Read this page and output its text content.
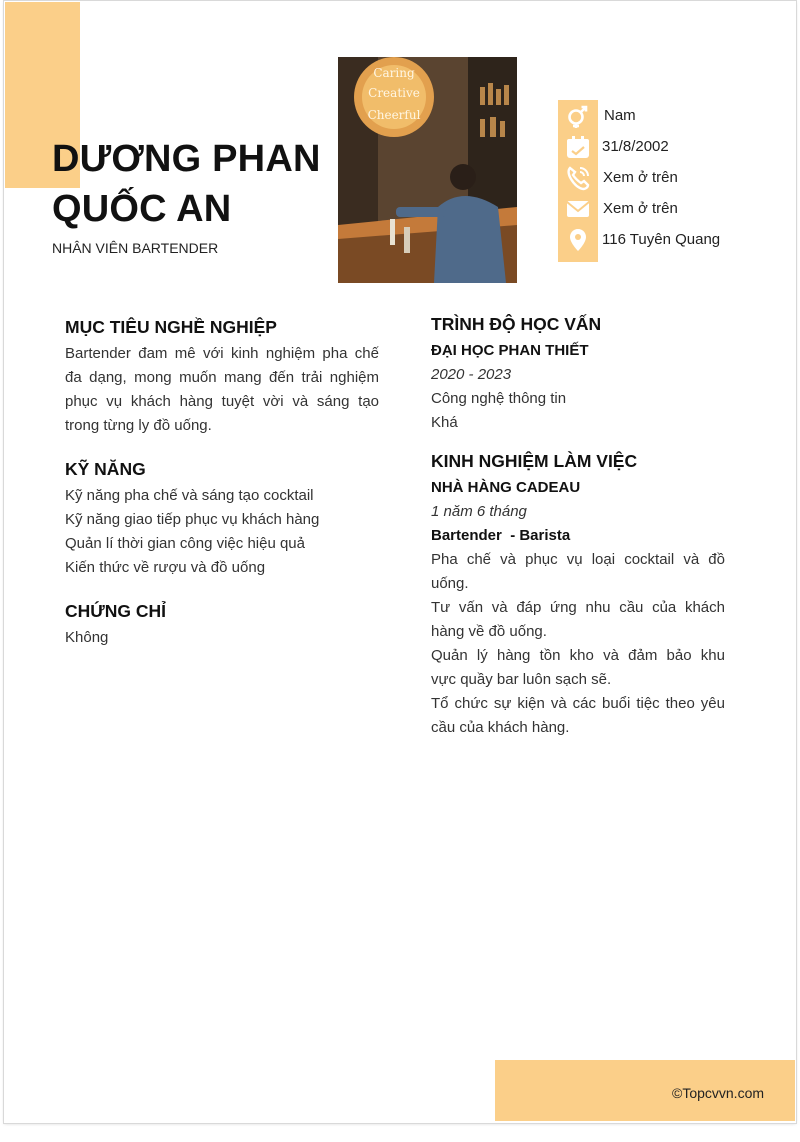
DƯƠNG PHAN
QUỐC AN
NHÂN VIÊN BARTENDER
Caring
Creative
Cheerful	Nam
31/8/2002
Xem ở trên
Xem ở trên
116 Tuyên Quang
MỤC TIÊU NGHỀ NGHIỆP
Bartender đam mê với kinh nghiệm pha chế
đa dạng, mong muốn mang đến trải nghiệm
phục vụ khách hàng tuyệt vời và sáng tạo
trong từng ly đồ uống.
KỸ NĂNG
Kỹ năng pha chế và sáng tạo cocktail
Kỹ năng giao tiếp phục vụ khách hàng
Quản lí thời gian công việc hiệu quả
Kiến thức về rượu và đồ uống
CHỨNG CHỈ
Không
TRÌNH ĐỘ HỌC VẤN
ĐẠI HỌC PHAN THIẾT
2020 - 2023
Công nghệ thông tin
Khá
KINH NGHIỆM LÀM VIỆC
NHÀ HÀNG CADEAU
1 năm 6 tháng
Bartender  - Barista
Pha chế và phục vụ loại cocktail và đồ
uống.
Tư vấn và đáp ứng nhu cầu của khách
hàng về đồ uống.
Quản lý hàng tồn kho và đảm bảo khu
vực quầy bar luôn sạch sẽ.
Tổ chức sự kiện và các buổi tiệc theo yêu
cầu của khách hàng.
©Topcvvn.com
